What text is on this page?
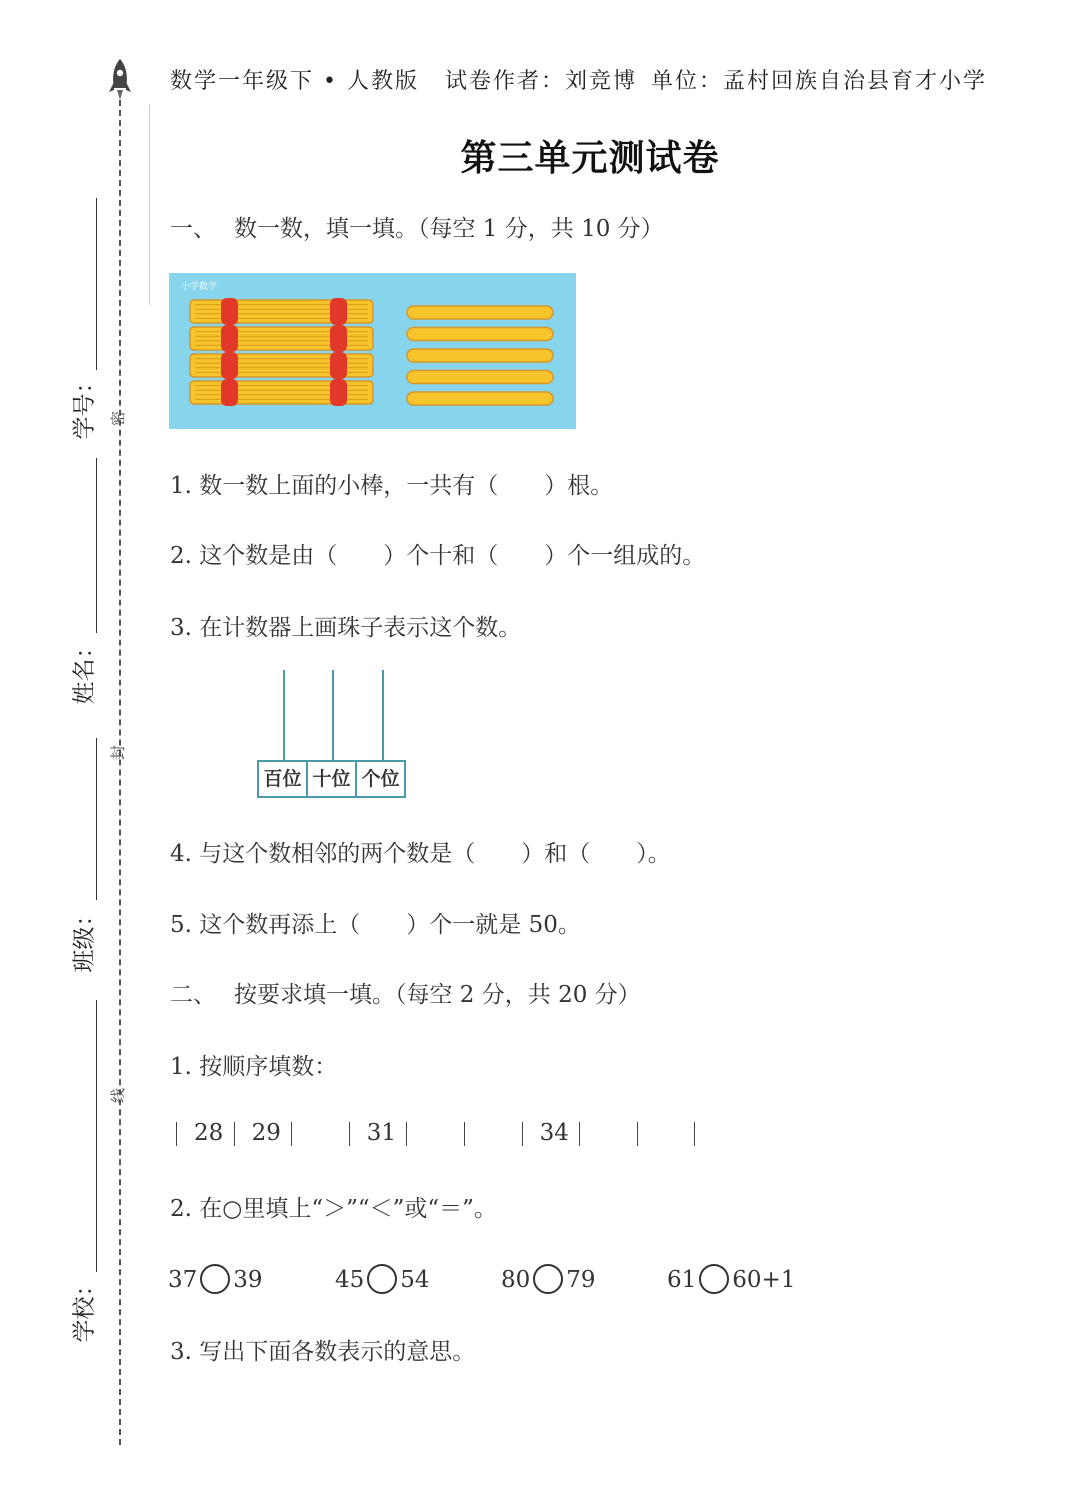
密
封
线
学号：
姓名：
班级：
学校：
数学一年级下 • 人教版 试卷作者：刘竞博 单位：孟村回族自治县育才小学
第三单元测试卷
一、 数一数，填一填。（每空 1 分，共 10 分）
小学数学
1. 数一数上面的小棒，一共有（　　）根。
2. 这个数是由（　　）个十和（　　）个一组成的。
3. 在计数器上画珠子表示这个数。
百位 十位 个位
4. 与这个数相邻的两个数是（　　）和（　　）。
5. 这个数再添上（　　）个一就是 50。
二、 按要求填一填。（每空 2 分，共 20 分）
1. 按顺序填数：
28 29	31	34
2. 在○里填上“＞”“＜”或“＝”。
37 39	45 54	80 79	61 60+1
3. 写出下面各数表示的意思。
